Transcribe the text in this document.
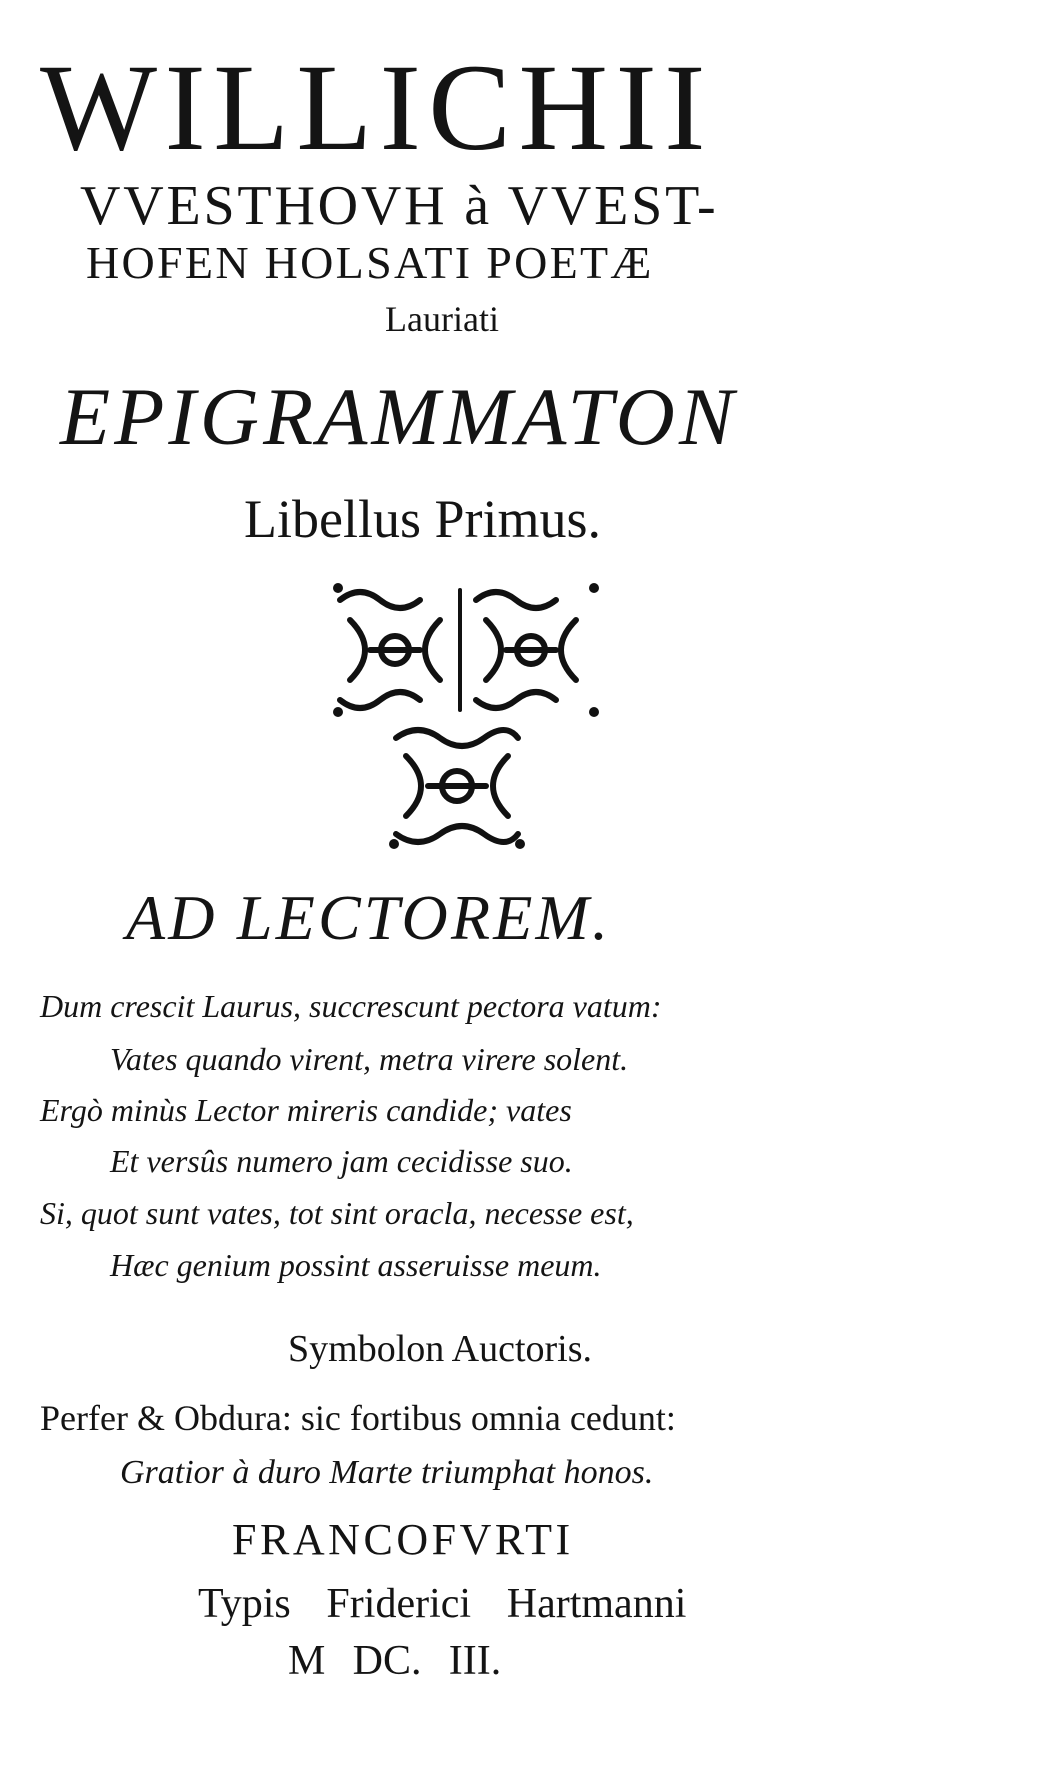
WILLICHII
VVESTHOVH à VVEST-
HOFEN HOLSATI POETÆ
Lauriati
EPIGRAMMATON
Libellus Primus.
AD LECTOREM.
Dum crescit Laurus, succrescunt pectora vatum:
Vates quando virent, metra virere solent.
Ergò minùs Lector mireris candide; vates
Et versûs numero jam cecidisse suo.
Si, quot sunt vates, tot sint oracla, necesse est,
Hæc genium possint asseruisse meum.
Symbolon Auctoris.
Perfer & Obdura: sic fortibus omnia cedunt:
Gratior à duro Marte triumphat honos.
FRANCOFVRTI
Typis Friderici Hartmanni
M DC. III.
